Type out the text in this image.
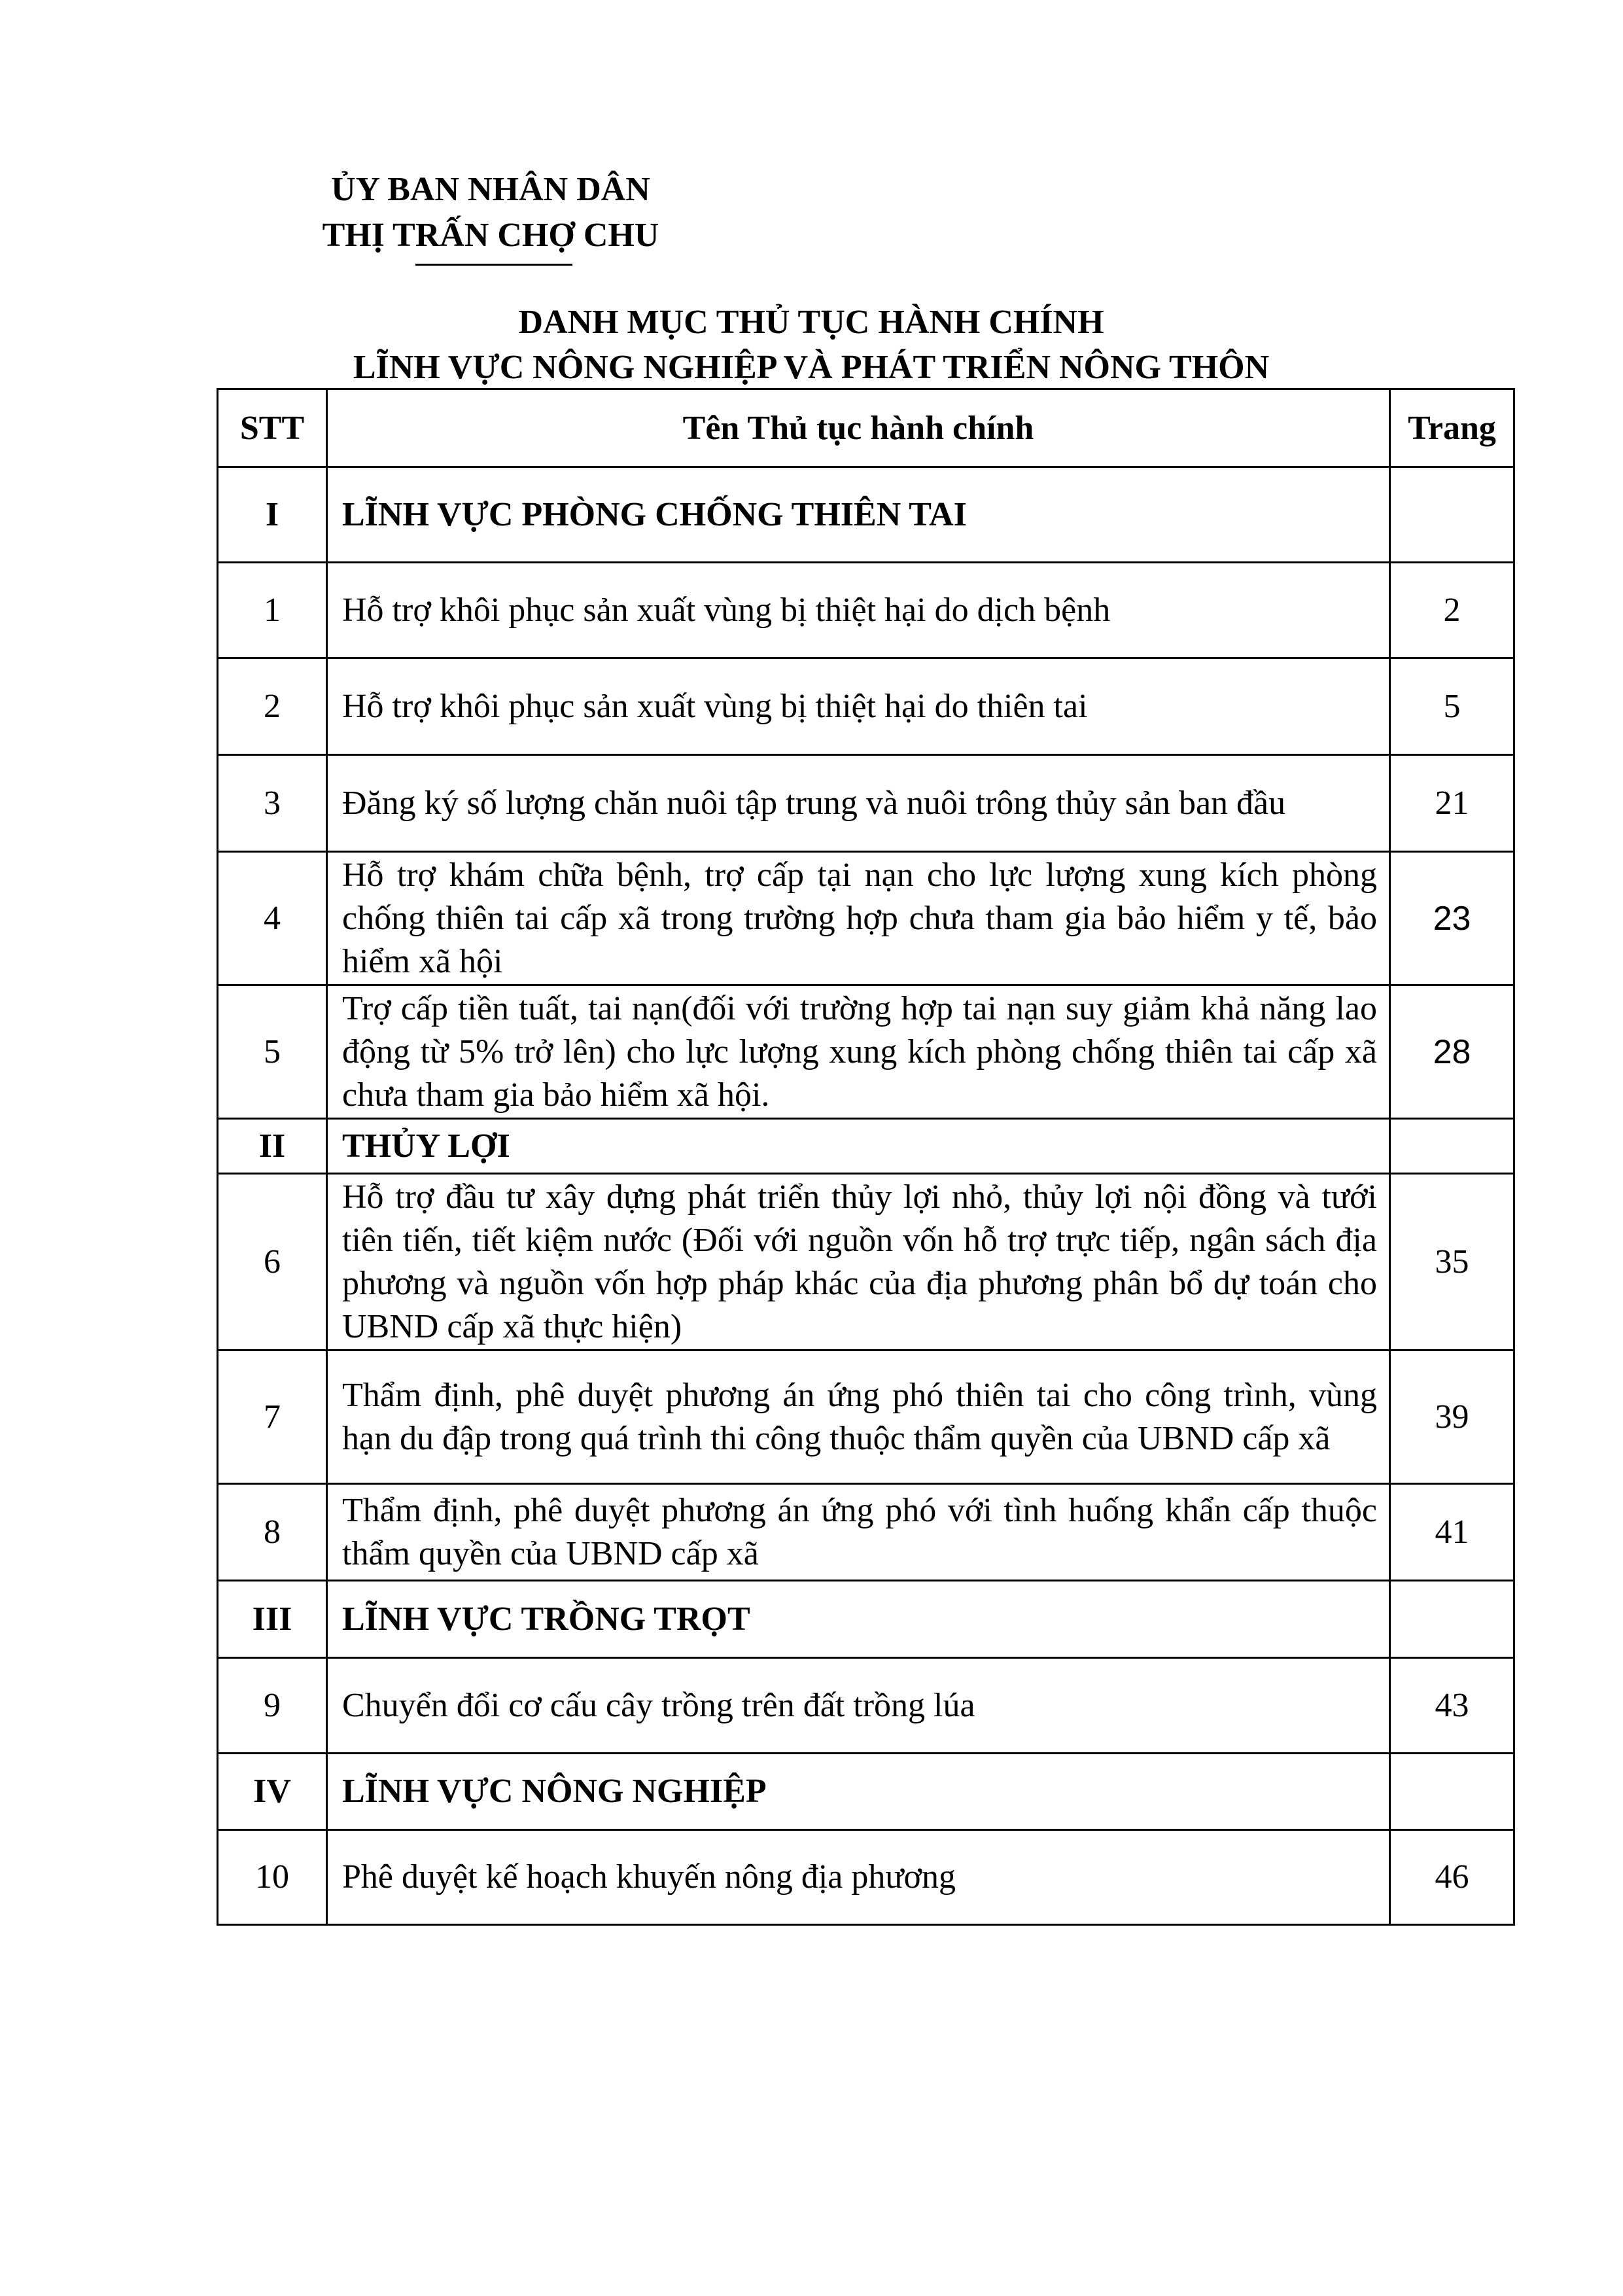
ỦY BAN NHÂN DÂN
THỊ TRẤN CHỢ CHU
DANH MỤC THỦ TỤC HÀNH CHÍNH
LĨNH VỰC NÔNG NGHIỆP VÀ PHÁT TRIỂN NÔNG THÔN
STT	Tên Thủ tục hành chính	Trang
I	LĨNH VỰC PHÒNG CHỐNG THIÊN TAI	
1	Hỗ trợ khôi phục sản xuất vùng bị thiệt hại do dịch bệnh	2
2	Hỗ trợ khôi phục sản xuất vùng bị thiệt hại do thiên tai	5
3	Đăng ký số lượng chăn nuôi tập trung và nuôi trông thủy sản ban đầu	21
4	Hỗ trợ khám chữa bệnh, trợ cấp tại nạn cho lực lượng xung kích phòng chống thiên tai cấp xã trong trường hợp chưa tham gia bảo hiểm y tế, bảo hiểm xã hội	23
5	Trợ cấp tiền tuất, tai nạn(đối với trường hợp tai nạn suy giảm khả năng lao động từ 5% trở lên) cho lực lượng xung kích phòng chống thiên tai cấp xã chưa tham gia bảo hiểm xã hội.	28
II	THỦY LỢI	
6	Hỗ trợ đầu tư xây dựng phát triển thủy lợi nhỏ, thủy lợi nội đồng và tưới tiên tiến, tiết kiệm nước (Đối với nguồn vốn hỗ trợ trực tiếp, ngân sách địa phương và nguồn vốn hợp pháp khác của địa phương phân bổ dự toán cho UBND cấp xã thực hiện)	35
7	Thẩm định, phê duyệt phương án ứng phó thiên tai cho công trình, vùng hạn du đập trong quá trình thi công thuộc thẩm quyền của UBND cấp xã	39
8	Thẩm định, phê duyệt phương án ứng phó với tình huống khẩn cấp thuộc thẩm quyền của UBND cấp xã	41
III	LĨNH VỰC TRỒNG TRỌT	
9	Chuyển đổi cơ cấu cây trồng trên đất trồng lúa	43
IV	LĨNH VỰC NÔNG NGHIỆP	
10	Phê duyệt kế hoạch khuyến nông địa phương	46
